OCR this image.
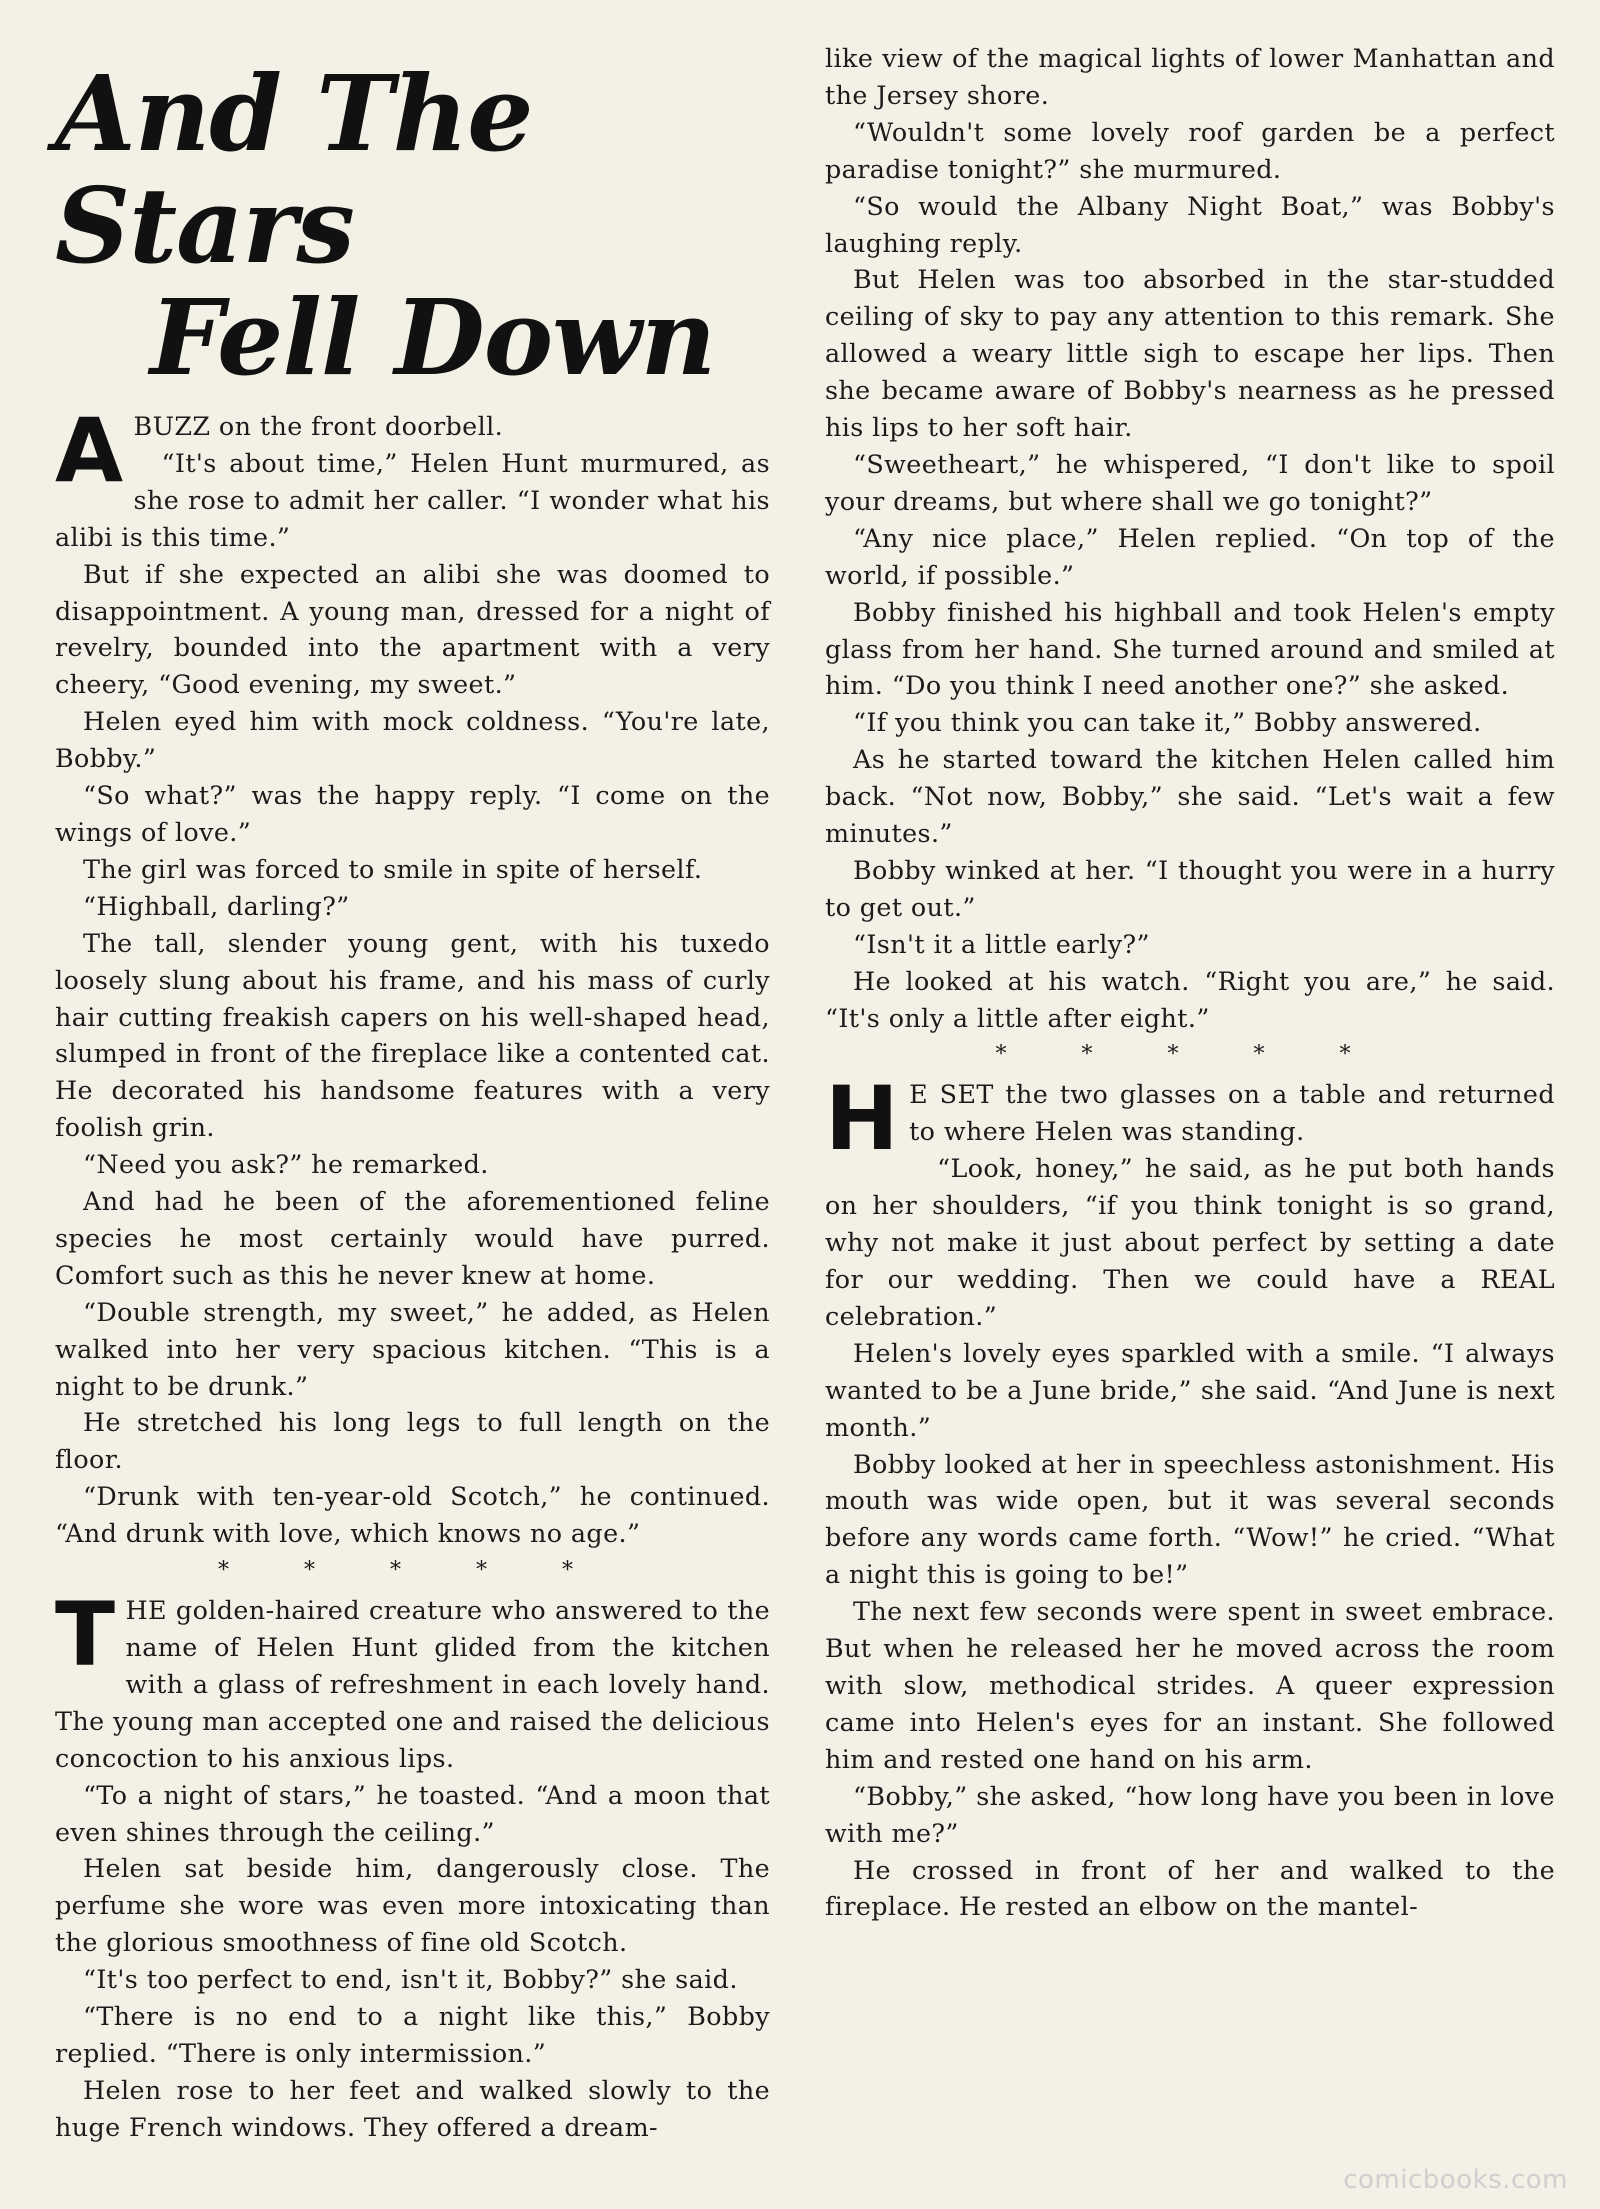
And The Stars
Fell Down

ABUZZ on the front doorbell.

“It's about time,” Helen Hunt murmured, as she rose to admit her caller. “I wonder what his alibi is this time.”

But if she expected an alibi she was doomed to disappointment. A young man, dressed for a night of revelry, bounded into the apartment with a very cheery, “Good evening, my sweet.”

Helen eyed him with mock coldness. “You're late, Bobby.”

“So what?” was the happy reply. “I come on the wings of love.”

The girl was forced to smile in spite of herself.

“Highball, darling?”

The tall, slender young gent, with his tuxedo loosely slung about his frame, and his mass of curly hair cutting freakish capers on his well-shaped head, slumped in front of the fireplace like a contented cat. He decorated his handsome features with a very foolish grin.

“Need you ask?” he remarked.

And had he been of the aforementioned feline species he most certainly would have purred. Comfort such as this he never knew at home.

“Double strength, my sweet,” he added, as Helen walked into her very spacious kitchen. “This is a night to be drunk.”

He stretched his long legs to full length on the floor.

“Drunk with ten-year-old Scotch,” he continued. “And drunk with love, which knows no age.”

* * * * *

THE golden-haired creature who answered to the name of Helen Hunt glided from the kitchen with a glass of refreshment in each lovely hand. The young man accepted one and raised the delicious concoction to his anxious lips.

“To a night of stars,” he toasted. “And a moon that even shines through the ceiling.”

Helen sat beside him, dangerously close. The perfume she wore was even more intoxicating than the glorious smoothness of fine old Scotch.

“It's too perfect to end, isn't it, Bobby?” she said.

“There is no end to a night like this,” Bobby replied. “There is only intermission.”

Helen rose to her feet and walked slowly to the huge French windows. They offered a dream-

like view of the magical lights of lower Manhattan and the Jersey shore.

“Wouldn't some lovely roof garden be a perfect paradise tonight?” she murmured.

“So would the Albany Night Boat,” was Bobby's laughing reply.

But Helen was too absorbed in the star-studded ceiling of sky to pay any attention to this remark. She allowed a weary little sigh to escape her lips. Then she became aware of Bobby's nearness as he pressed his lips to her soft hair.

“Sweetheart,” he whispered, “I don't like to spoil your dreams, but where shall we go tonight?”

“Any nice place,” Helen replied. “On top of the world, if possible.”

Bobby finished his highball and took Helen's empty glass from her hand. She turned around and smiled at him. “Do you think I need another one?” she asked.

“If you think you can take it,” Bobby answered.

As he started toward the kitchen Helen called him back. “Not now, Bobby,” she said. “Let's wait a few minutes.”

Bobby winked at her. “I thought you were in a hurry to get out.”

“Isn't it a little early?”

He looked at his watch. “Right you are,” he said. “It's only a little after eight.”

* * * * *

H E SET the two glasses on a table and returned to where Helen was standing.

“Look, honey,” he said, as he put both hands on her shoulders, “if you think tonight is so grand, why not make it just about perfect by setting a date for our wedding. Then we could have a REAL celebration.”

Helen's lovely eyes sparkled with a smile. “I always wanted to be a June bride,” she said. “And June is next month.”

Bobby looked at her in speechless astonishment. His mouth was wide open, but it was several seconds before any words came forth. “Wow!” he cried. “What a night this is going to be!”

The next few seconds were spent in sweet embrace. But when he released her he moved across the room with slow, methodical strides. A queer expression came into Helen's eyes for an instant. She followed him and rested one hand on his arm.

“Bobby,” she asked, “how long have you been in love with me?”

He crossed in front of her and walked to the fireplace. He rested an elbow on the mantel-

comicbooks.com
